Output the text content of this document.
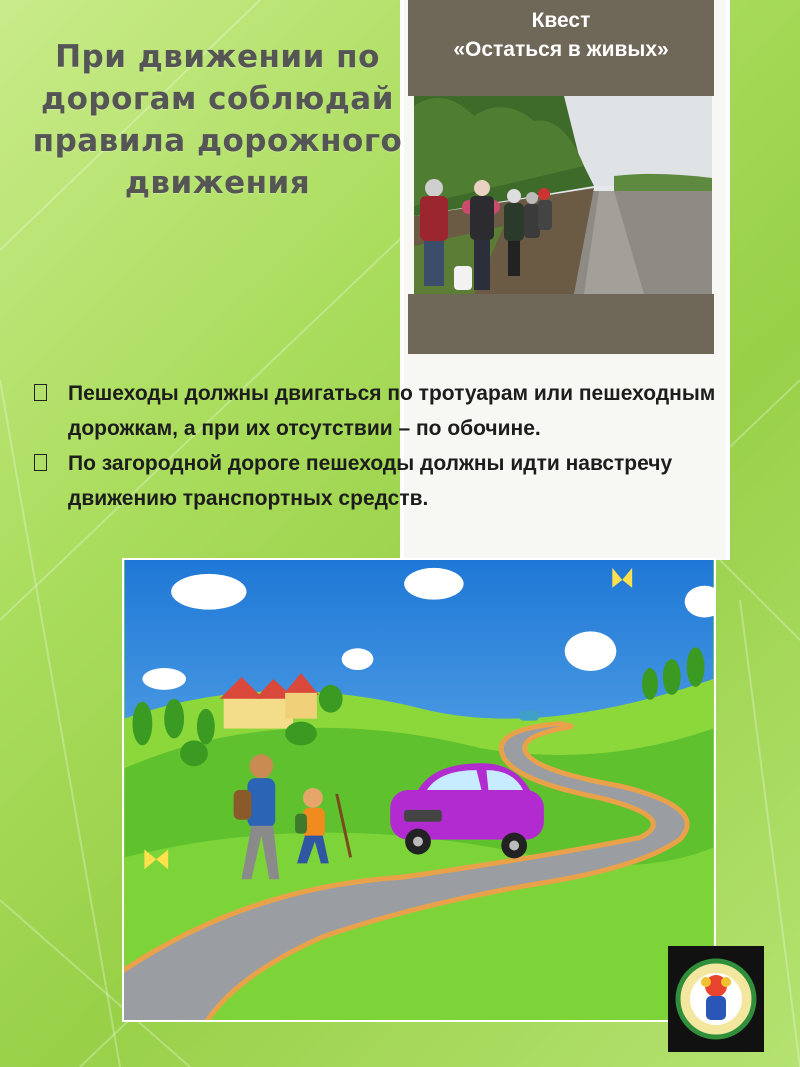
Квест
«Остаться в живых»
При движении по дорогам соблюдай правила дорожного движения
Пешеходы должны двигаться по тротуарам или пешеходным дорожкам, а при их отсутствии – по обочине.
По загородной дороге пешеходы должны идти навстречу движению транспортных средств.
